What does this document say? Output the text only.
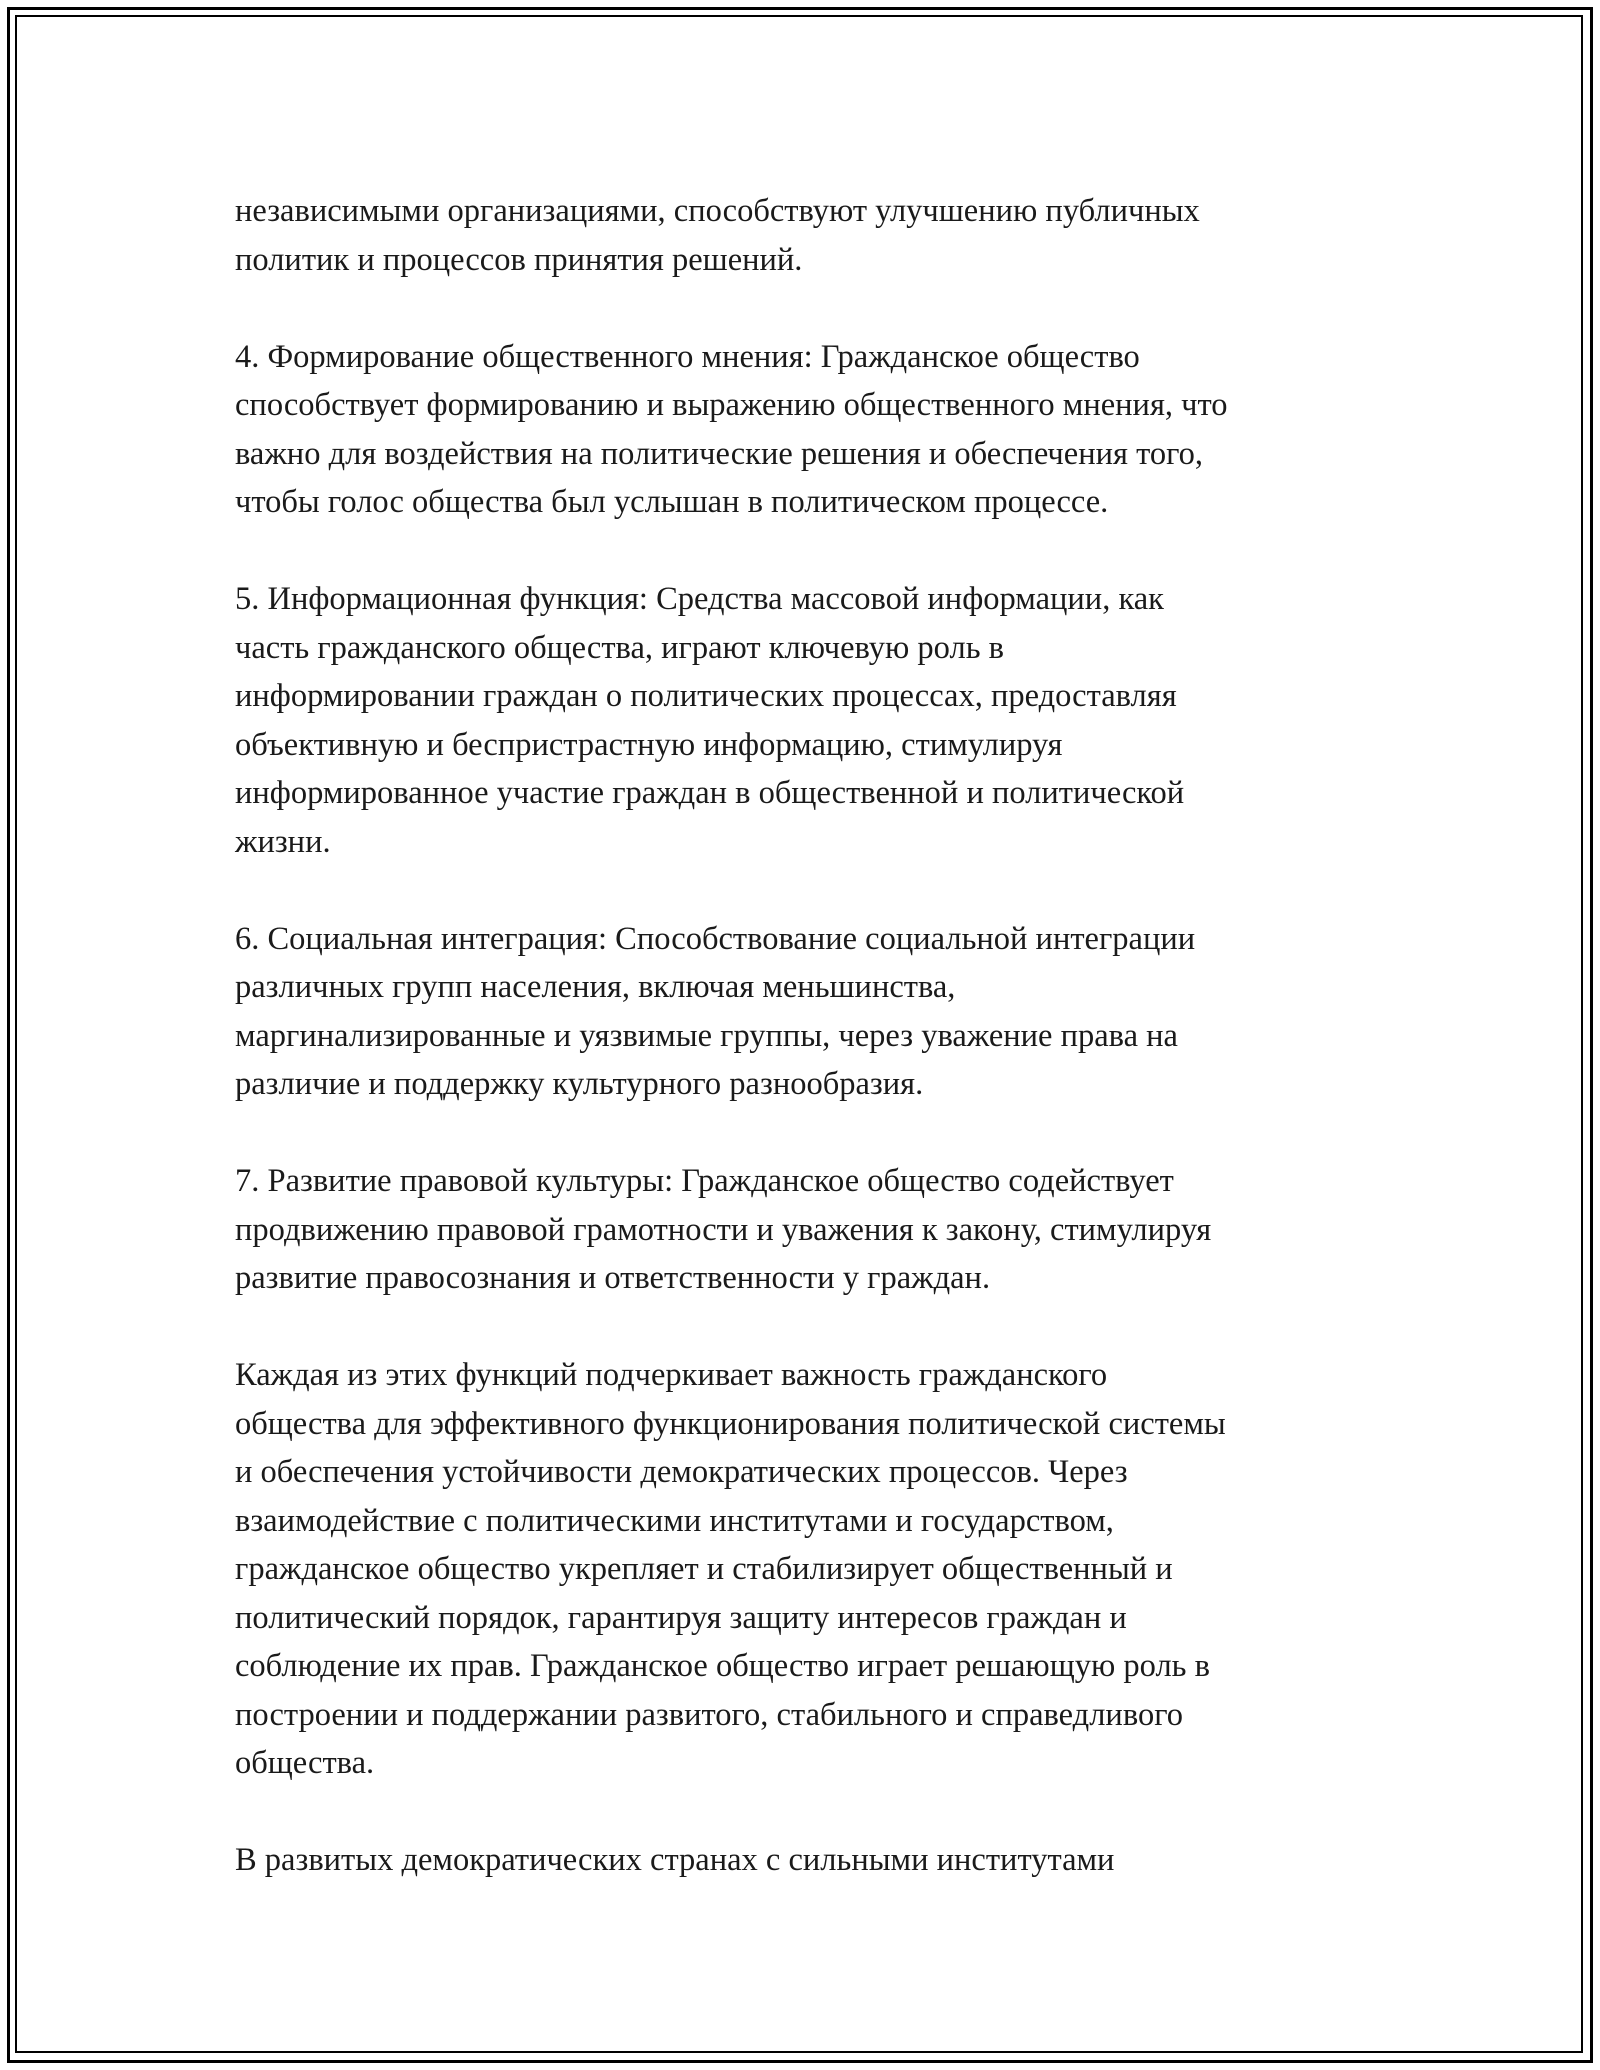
независимыми организациями, способствуют улучшению публичных
политик и процессов принятия решений.

4. Формирование общественного мнения: Гражданское общество
способствует формированию и выражению общественного мнения, что
важно для воздействия на политические решения и обеспечения того,
чтобы голос общества был услышан в политическом процессе.

5. Информационная функция: Средства массовой информации, как
часть гражданского общества, играют ключевую роль в
информировании граждан о политических процессах, предоставляя
объективную и беспристрастную информацию, стимулируя
информированное участие граждан в общественной и политической
жизни.

6. Социальная интеграция: Способствование социальной интеграции
различных групп населения, включая меньшинства,
маргинализированные и уязвимые группы, через уважение права на
различие и поддержку культурного разнообразия.

7. Развитие правовой культуры: Гражданское общество содействует
продвижению правовой грамотности и уважения к закону, стимулируя
развитие правосознания и ответственности у граждан.

Каждая из этих функций подчеркивает важность гражданского
общества для эффективного функционирования политической системы
и обеспечения устойчивости демократических процессов. Через
взаимодействие с политическими институтами и государством,
гражданское общество укрепляет и стабилизирует общественный и
политический порядок, гарантируя защиту интересов граждан и
соблюдение их прав. Гражданское общество играет решающую роль в
построении и поддержании развитого, стабильного и справедливого
общества.

В развитых демократических странах с сильными институтами
